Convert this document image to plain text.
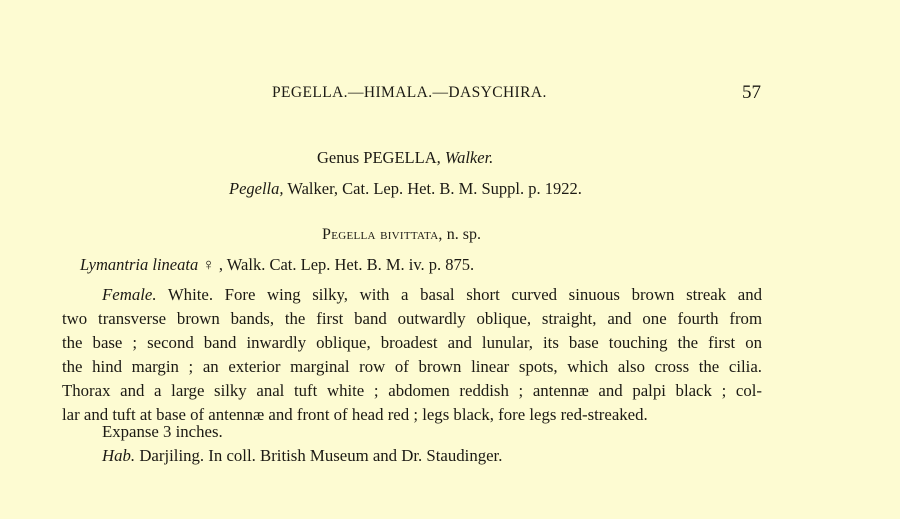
PEGELLA.—HIMALA.—DASYCHIRA.	57
Genus PEGELLA, Walker.
Pegella, Walker, Cat. Lep. Het. B. M. Suppl. p. 1922.
Pegella bivittata, n. sp.
Lymantria lineata ♀ , Walk. Cat. Lep. Het. B. M. iv. p. 875.
Female. White. Fore wing silky, with a basal short curved sinuous brown streak and
two transverse brown bands, the first band outwardly oblique, straight, and one fourth from
the base ; second band inwardly oblique, broadest and lunular, its base touching the first on
the hind margin ; an exterior marginal row of brown linear spots, which also cross the cilia.
Thorax and a large silky anal tuft white ; abdomen reddish ; antennæ and palpi black ; col-
lar and tuft at base of antennæ and front of head red ; legs black, fore legs red-streaked.
Expanse 3 inches.
Hab. Darjiling. In coll. British Museum and Dr. Staudinger.
